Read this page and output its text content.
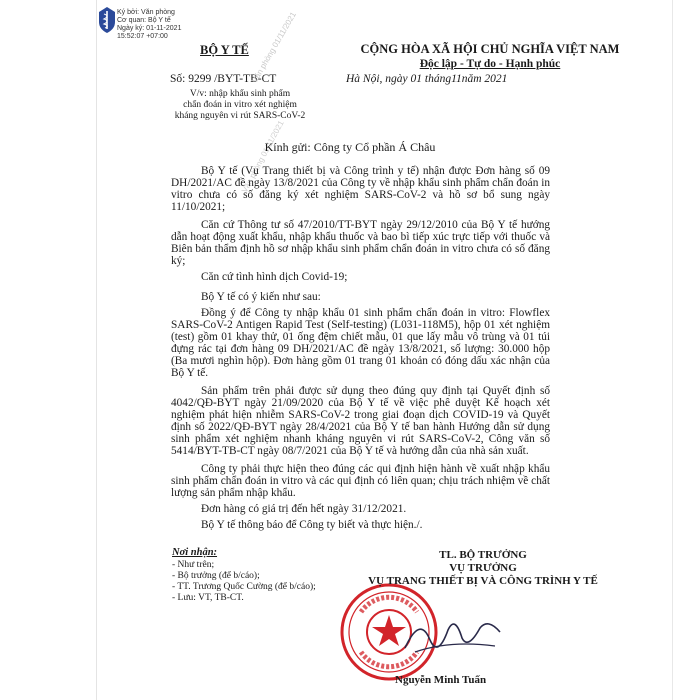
Ký bởi: Văn phòng
Cơ quan: Bộ Y tế
Ngày ký: 01-11-2021
15:52:07 +07:00
BỘ Y TẾ	CỘNG HÒA XÃ HỘI CHỦ NGHĨA VIỆT NAM
Độc lập - Tự do - Hạnh phúc
Số: 9299 /BYT-TB-CT	Hà Nội, ngày 01 tháng11năm 2021
V/v: nhập khẩu sinh phẩm
chẩn đoán in vitro xét nghiệm
kháng nguyên vi rút SARS-CoV-2
Văn phòng 01/11/2021
Văn phòng 01/11/2021
Kính gửi: Công ty Cổ phần Á Châu

Bộ Y tế (Vụ Trang thiết bị và Công trình y tế) nhận được Đơn hàng số 09 DH/2021/AC đề ngày 13/8/2021 của Công ty về nhập khẩu sinh phẩm chẩn đoán in vitro chưa có số đăng ký xét nghiệm SARS-CoV-2 và hồ sơ bổ sung ngày 11/10/2021;

Căn cứ Thông tư số 47/2010/TT-BYT ngày 29/12/2010 của Bộ Y tế hướng dẫn hoạt động xuất khẩu, nhập khẩu thuốc và bao bì tiếp xúc trực tiếp với thuốc và Biên bản thẩm định hồ sơ nhập khẩu sinh phẩm chẩn đoán in vitro chưa có số đăng ký;

Căn cứ tình hình dịch Covid-19;

Bộ Y tế có ý kiến như sau:

Đồng ý để Công ty nhập khẩu 01 sinh phẩm chẩn đoán in vitro: Flowflex SARS-CoV-2 Antigen Rapid Test (Self-testing) (L031-118M5), hộp 01 xét nghiệm (test) gồm 01 khay thử, 01 ống đệm chiết mẫu, 01 que lấy mẫu vô trùng và 01 túi đựng rác tại đơn hàng 09 DH/2021/AC đề ngày 13/8/2021, số lượng: 30.000 hộp (Ba mươi nghìn hộp). Đơn hàng gồm 01 trang 01 khoản có đóng dấu xác nhận của Bộ Y tế.

Sản phẩm trên phải được sử dụng theo đúng quy định tại Quyết định số 4042/QĐ-BYT ngày 21/09/2020 của Bộ Y tế về việc phê duyệt Kế hoạch xét nghiệm phát hiện nhiễm SARS-CoV-2 trong giai đoạn dịch COVID-19 và Quyết định số 2022/QĐ-BYT ngày 28/4/2021 của Bộ Y tế ban hành Hướng dẫn sử dụng sinh phẩm xét nghiệm nhanh kháng nguyên vi rút SARS-CoV-2, Công văn số 5414/BYT-TB-CT ngày 08/7/2021 của Bộ Y tế và hướng dẫn của nhà sản xuất.

Công ty phải thực hiện theo đúng các qui định hiện hành về xuất nhập khẩu sinh phẩm chẩn đoán in vitro và các qui định có liên quan; chịu trách nhiệm về chất lượng sản phẩm nhập khẩu.

Đơn hàng có giá trị đến hết ngày 31/12/2021.

Bộ Y tế thông báo để Công ty biết và thực hiện./.

Nơi nhận:
- Như trên;
- Bộ trưởng (để b/cáo);
- TT. Trương Quốc Cường (để b/cáo);
- Lưu: VT, TB-CT.
TL. BỘ TRƯỞNG
VỤ TRƯỞNG
VỤ TRANG THIẾT BỊ VÀ CÔNG TRÌNH Y TẾ
Nguyễn Minh Tuấn
